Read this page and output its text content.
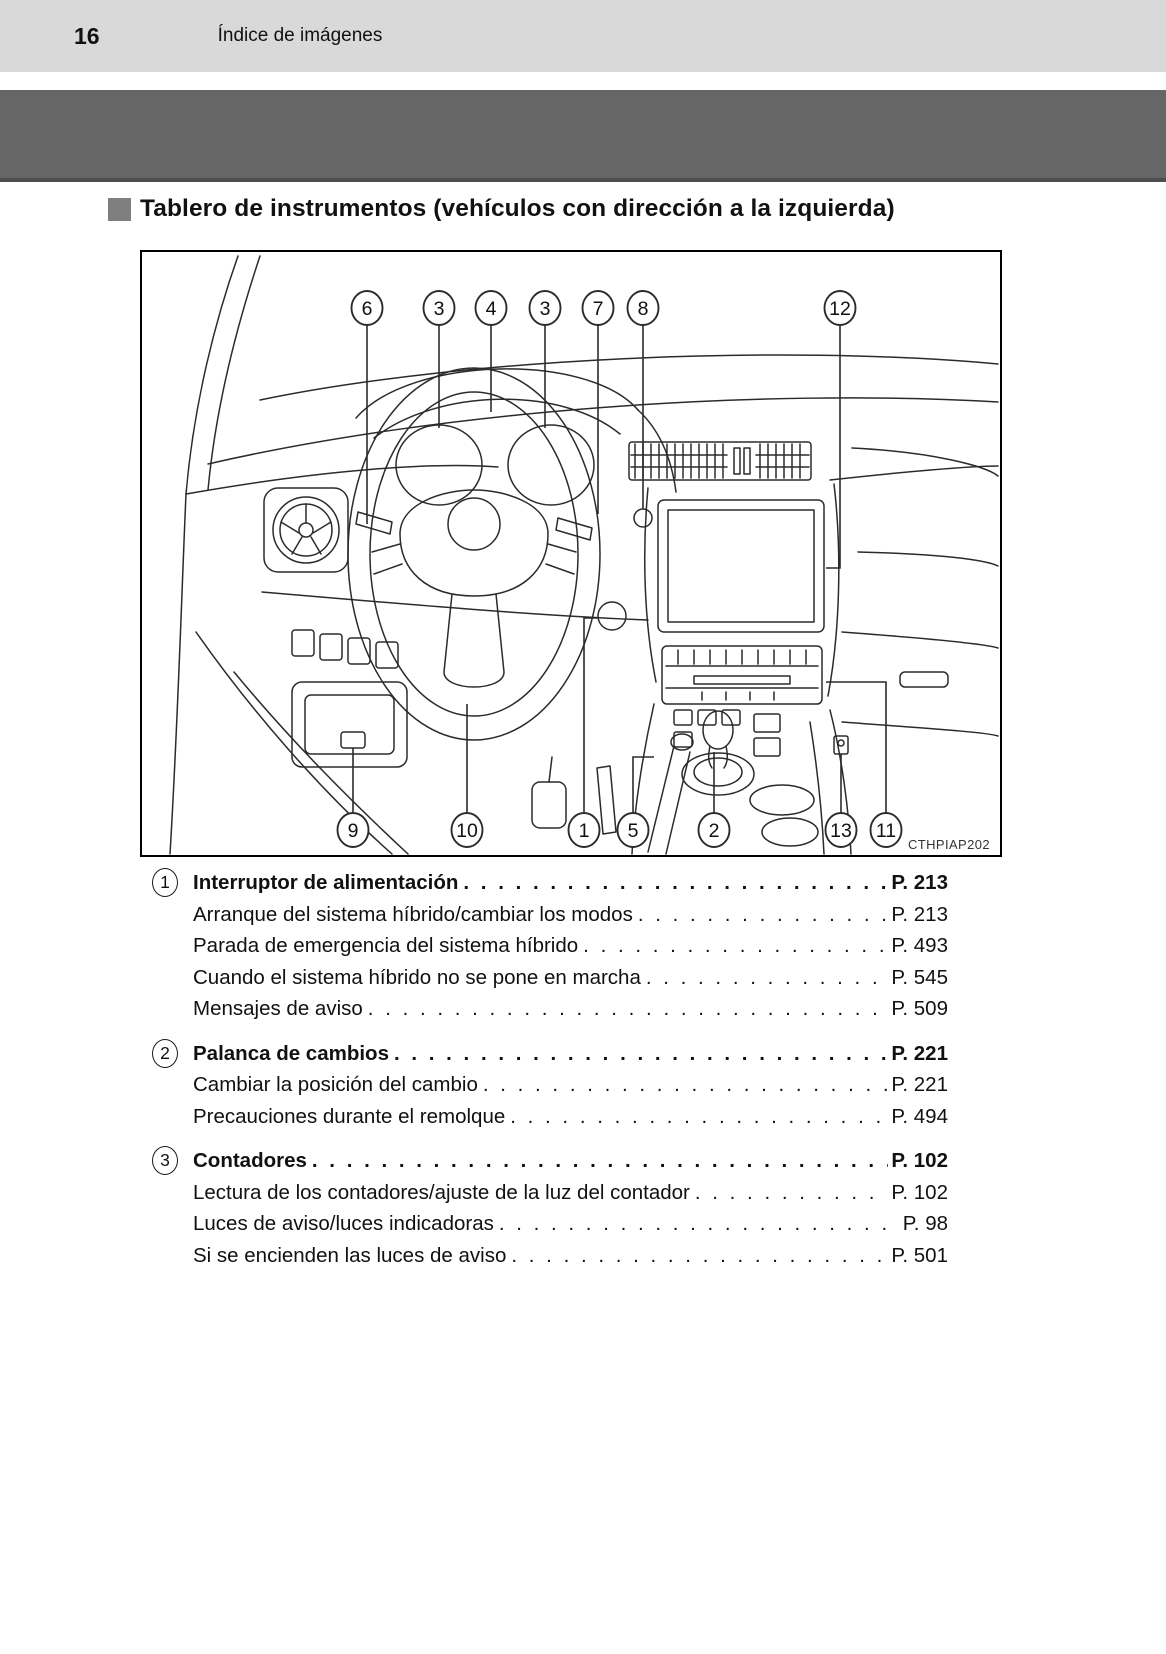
16	Índice de imágenes
Tablero de instrumentos (vehículos con dirección a la izquierda)
6	3 4 3 7 8	12
9	10	1 5	2	13 11
CTHPIAP202
1	Interruptor de alimentación . . .	P. 213
Arranque del sistema híbrido/cambiar los modos . . .	P. 213
Parada de emergencia del sistema híbrido . . .	P. 493
Cuando el sistema híbrido no se pone en marcha . . .	P. 545
Mensajes de aviso . . .	P. 509
2	Palanca de cambios . . .	P. 221
Cambiar la posición del cambio . . .	P. 221
Precauciones durante el remolque . . .	P. 494
3	Contadores . . .	P. 102
Lectura de los contadores/ajuste de la luz del contador . . .	P. 102
Luces de aviso/luces indicadoras . . .	P. 98
Si se encienden las luces de aviso . . .	P. 501
